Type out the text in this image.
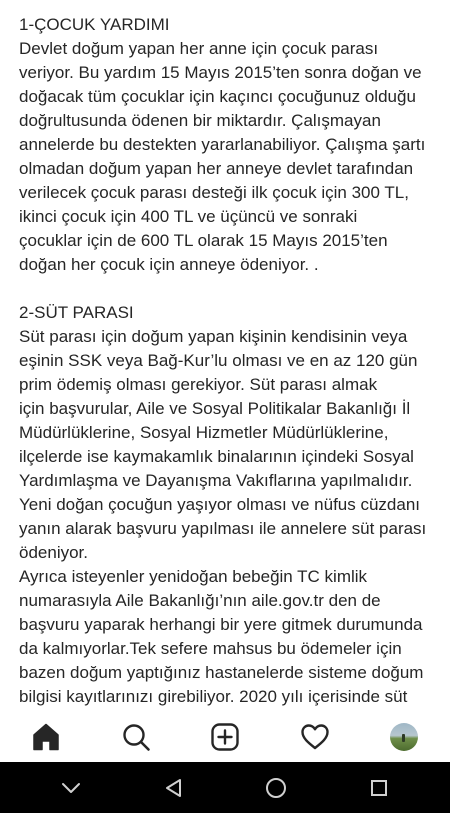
1-ÇOCUK YARDIMI

Devlet doğum yapan her anne için çocuk parası
veriyor. Bu yardım 15 Mayıs 2015’ten sonra doğan ve
doğacak tüm çocuklar için kaçıncı çocuğunuz olduğu
doğrultusunda ödenen bir miktardır. Çalışmayan
annelerde bu destekten yararlanabiliyor. Çalışma şartı
olmadan doğum yapan her anneye devlet tarafından
verilecek çocuk parası desteği ilk çocuk için 300 TL,
ikinci çocuk için 400 TL ve üçüncü ve sonraki
çocuklar için de 600 TL olarak 15 Mayıs 2015’ten
doğan her çocuk için anneye ödeniyor. .

2-SÜT PARASI

Süt parası için doğum yapan kişinin kendisinin veya
eşinin SSK veya Bağ-Kur’lu olması ve en az 120 gün
prim ödemiş olması gerekiyor. Süt parası almak
için başvurular, Aile ve Sosyal Politikalar Bakanlığı İl
Müdürlüklerine, Sosyal Hizmetler Müdürlüklerine,
ilçelerde ise kaymakamlık binalarının içindeki Sosyal
Yardımlaşma ve Dayanışma Vakıflarına yapılmalıdır.
Yeni doğan çocuğun yaşıyor olması ve nüfus cüzdanı
yanın alarak başvuru yapılması ile annelere süt parası
ödeniyor.
Ayrıca isteyenler yenidoğan bebeğin TC kimlik
numarasıyla Aile Bakanlığı’nın aile.gov.tr den de
başvuru yaparak herhangi bir yere gitmek durumunda
da kalmıyorlar.Tek sefere mahsus bu ödemeler için
bazen doğum yaptığınız hastanelerde sisteme doğum
bilgisi kayıtlarınızı girebiliyor. 2020 yılı içerisinde süt
